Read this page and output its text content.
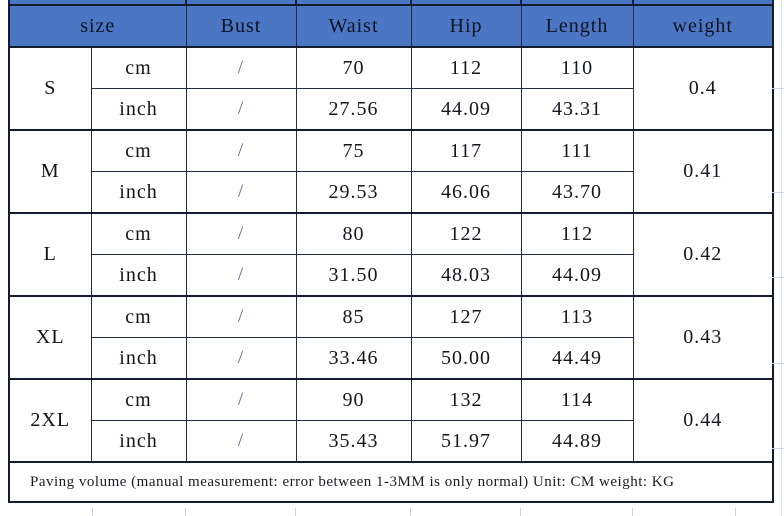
size		Bust	Waist	Hip	Length	weight
S	cm	/	70	112	110	0.4
	inch	/	27.56	44.09	43.31	
M	cm	/	75	117	111	0.41
	inch	/	29.53	46.06	43.70	
L	cm	/	80	122	112	0.42
	inch	/	31.50	48.03	44.09	
XL	cm	/	85	127	113	0.43
	inch	/	33.46	50.00	44.49	
2XL	cm	/	90	132	114	0.44
	inch	/	35.43	51.97	44.89	
Paving volume (manual measurement: error between 1-3MM is only normal) Unit: CM weight: KG						
